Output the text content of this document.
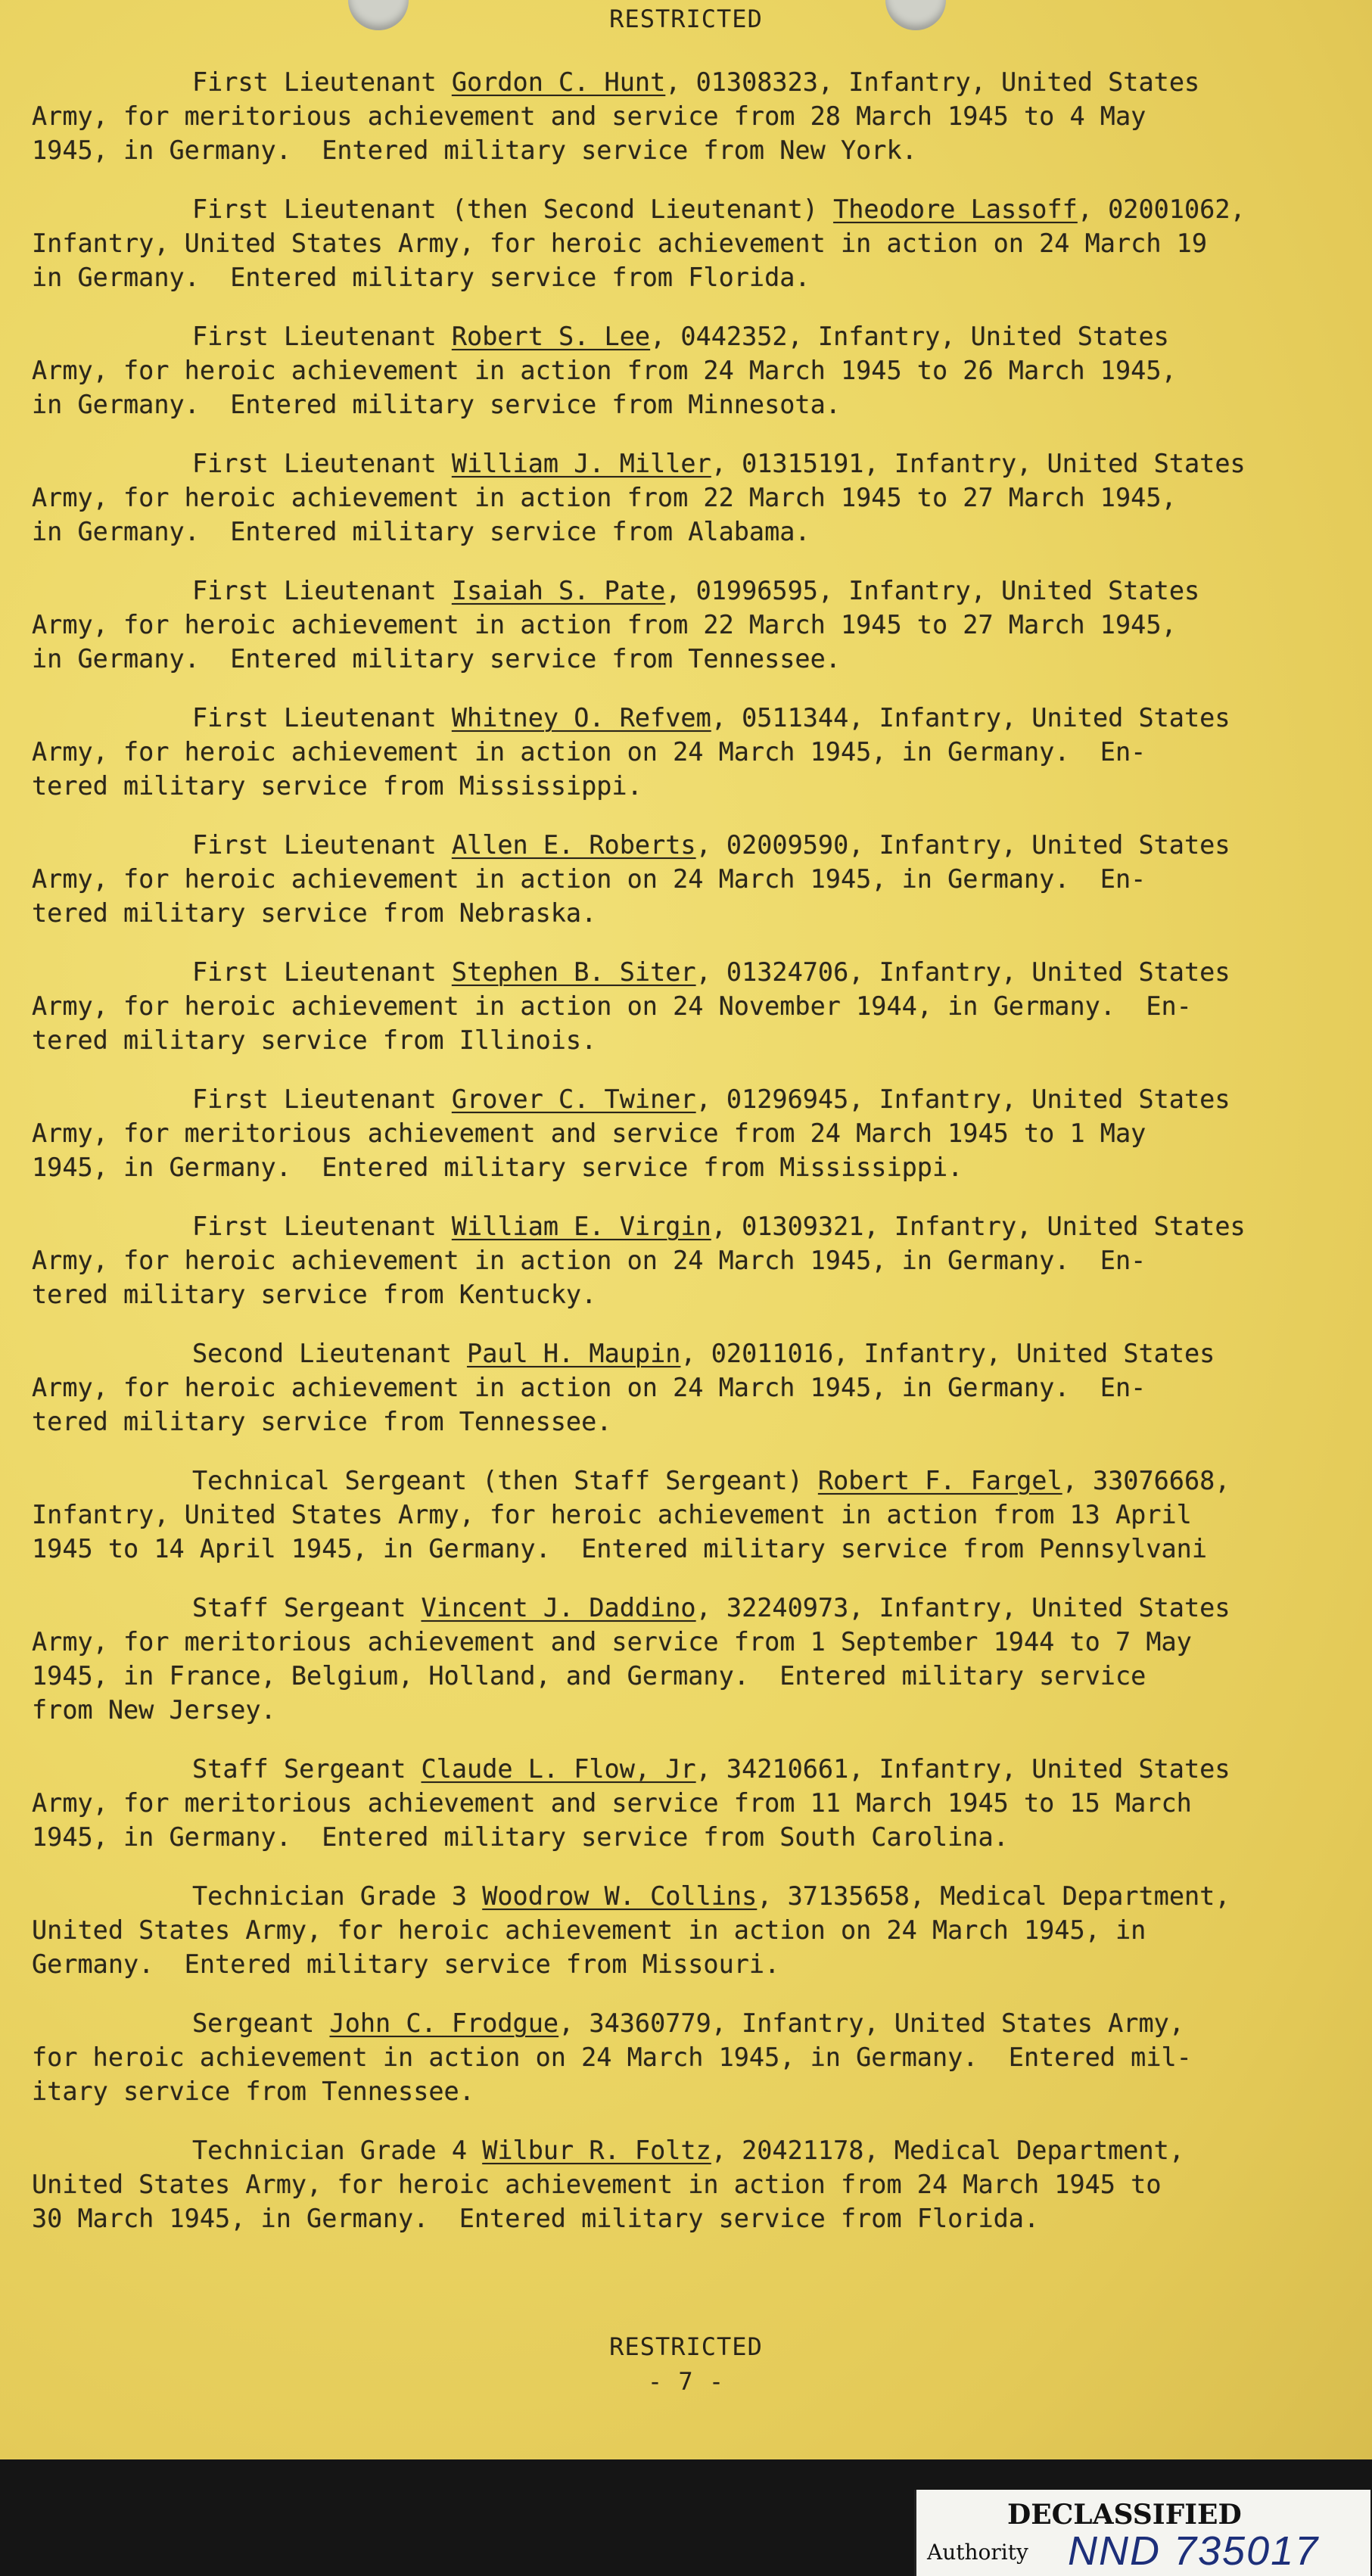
RESTRICTED
First Lieutenant Gordon C. Hunt, 01308323, Infantry, United States
Army, for meritorious achievement and service from 28 March 1945 to 4 May
1945, in Germany.  Entered military service from New York.
First Lieutenant (then Second Lieutenant) Theodore Lassoff, 02001062,
Infantry, United States Army, for heroic achievement in action on 24 March 19
in Germany.  Entered military service from Florida.
First Lieutenant Robert S. Lee, 0442352, Infantry, United States
Army, for heroic achievement in action from 24 March 1945 to 26 March 1945,
in Germany.  Entered military service from Minnesota.
First Lieutenant William J. Miller, 01315191, Infantry, United States
Army, for heroic achievement in action from 22 March 1945 to 27 March 1945,
in Germany.  Entered military service from Alabama.
First Lieutenant Isaiah S. Pate, 01996595, Infantry, United States
Army, for heroic achievement in action from 22 March 1945 to 27 March 1945,
in Germany.  Entered military service from Tennessee.
First Lieutenant Whitney O. Refvem, 0511344, Infantry, United States
Army, for heroic achievement in action on 24 March 1945, in Germany.  En-
tered military service from Mississippi.
First Lieutenant Allen E. Roberts, 02009590, Infantry, United States
Army, for heroic achievement in action on 24 March 1945, in Germany.  En-
tered military service from Nebraska.
First Lieutenant Stephen B. Siter, 01324706, Infantry, United States
Army, for heroic achievement in action on 24 November 1944, in Germany.  En-
tered military service from Illinois.
First Lieutenant Grover C. Twiner, 01296945, Infantry, United States
Army, for meritorious achievement and service from 24 March 1945 to 1 May
1945, in Germany.  Entered military service from Mississippi.
First Lieutenant William E. Virgin, 01309321, Infantry, United States
Army, for heroic achievement in action on 24 March 1945, in Germany.  En-
tered military service from Kentucky.
Second Lieutenant Paul H. Maupin, 02011016, Infantry, United States
Army, for heroic achievement in action on 24 March 1945, in Germany.  En-
tered military service from Tennessee.
Technical Sergeant (then Staff Sergeant) Robert F. Fargel, 33076668,
Infantry, United States Army, for heroic achievement in action from 13 April
1945 to 14 April 1945, in Germany.  Entered military service from Pennsylvani
Staff Sergeant Vincent J. Daddino, 32240973, Infantry, United States
Army, for meritorious achievement and service from 1 September 1944 to 7 May
1945, in France, Belgium, Holland, and Germany.  Entered military service
from New Jersey.
Staff Sergeant Claude L. Flow, Jr, 34210661, Infantry, United States
Army, for meritorious achievement and service from 11 March 1945 to 15 March
1945, in Germany.  Entered military service from South Carolina.
Technician Grade 3 Woodrow W. Collins, 37135658, Medical Department,
United States Army, for heroic achievement in action on 24 March 1945, in
Germany.  Entered military service from Missouri.
Sergeant John C. Frodgue, 34360779, Infantry, United States Army,
for heroic achievement in action on 24 March 1945, in Germany.  Entered mil-
itary service from Tennessee.
Technician Grade 4 Wilbur R. Foltz, 20421178, Medical Department,
United States Army, for heroic achievement in action from 24 March 1945 to
30 March 1945, in Germany.  Entered military service from Florida.
RESTRICTED
- 7 -
DECLASSIFIED
Authority NND 735017
